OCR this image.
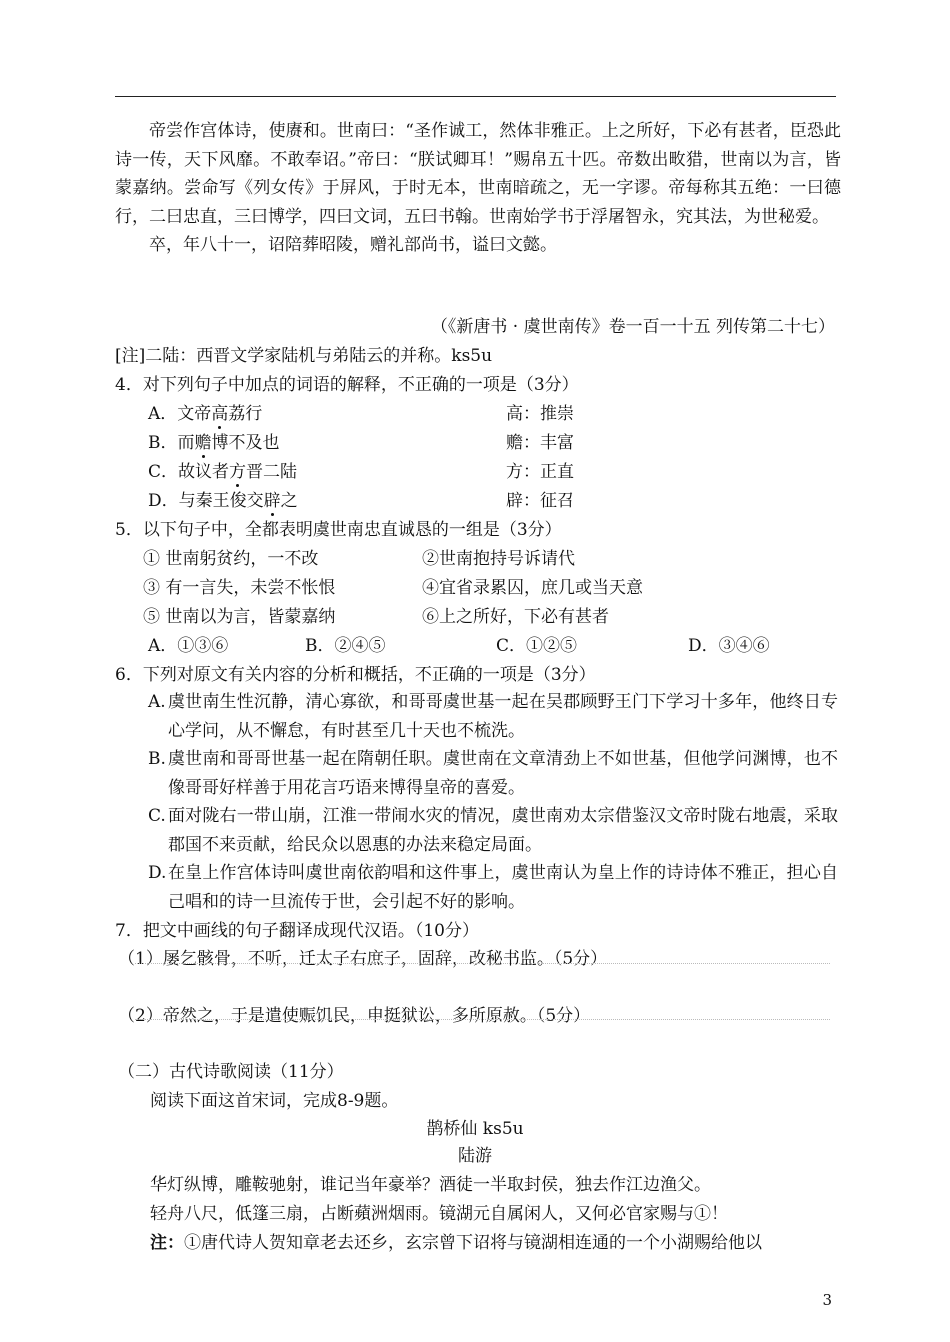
帝尝作宫体诗，使赓和。世南曰：“圣作诚工，然体非雅正。上之所好，下必有甚者，臣恐此诗一传，天下风靡。不敢奉诏。”帝曰：“朕试卿耳！”赐帛五十匹。帝数出畋猎，世南以为言，皆蒙嘉纳。尝命写《列女传》于屏风，于时无本，世南暗疏之，无一字谬。帝每称其五绝：一曰德行，二曰忠直，三曰博学，四曰文词，五曰书翰。世南始学书于浮屠智永，究其法，为世秘爱。

卒，年八十一，诏陪葬昭陵，赠礼部尚书，谥曰文懿。

（《新唐书 · 虞世南传》卷一百一十五 列传第二十七）
[注]二陆：西晋文学家陆机与弟陆云的并称。ks5u
4．对下列句子中加点的词语的解释，不正确的一项是（3分）
A．文帝高荔行	高：推崇
B．而赡博不及也	赡：丰富
C．故议者方晋二陆	方：正直
D．与秦王俊交辟之	辟：征召
5．以下句子中，全都表明虞世南忠直诚恳的一组是（3分）
① 世南躬贫约，一不改	②世南抱持号诉请代
③ 有一言失，未尝不怅恨	④宜省录累囚，庶几或当天意
⑤ 世南以为言，皆蒙嘉纳	⑥上之所好，下必有甚者
A．①③⑥	B．②④⑤	C．①②⑤	D．③④⑥
6．下列对原文有关内容的分析和概括，不正确的一项是（3分）
A. 虞世南生性沉静，清心寡欲，和哥哥虞世基一起在吴郡顾野王门下学习十多年，他终日专心学问，从不懈怠，有时甚至几十天也不梳洗。
B. 虞世南和哥哥世基一起在隋朝任职。虞世南在文章清劲上不如世基，但他学问渊博，也不像哥哥好样善于用花言巧语来博得皇帝的喜爱。
C. 面对陇右一带山崩，江淮一带闹水灾的情况，虞世南劝太宗借鉴汉文帝时陇右地震，采取郡国不来贡献，给民众以恩惠的办法来稳定局面。
D. 在皇上作宫体诗叫虞世南依韵唱和这件事上，虞世南认为皇上作的诗诗体不雅正，担心自己唱和的诗一旦流传于世，会引起不好的影响。
7．把文中画线的句子翻译成现代汉语。（10分）
（1）屡乞骸骨，不听，迁太子右庶子，固辞，改秘书监。（5分）
（2）帝然之，于是遣使赈饥民，申挺狱讼，多所原赦。（5分）
（二）古代诗歌阅读（11分）
阅读下面这首宋词，完成8-9题。
鹊桥仙 ks5u
陆游
华灯纵博，雕鞍驰射，谁记当年豪举？酒徒一半取封侯，独去作江边渔父。
轻舟八尺，低篷三扇，占断蘋洲烟雨。镜湖元自属闲人，又何必官家赐与①！
注：①唐代诗人贺知章老去还乡，玄宗曾下诏将与镜湖相连通的一个小湖赐给他以
3
